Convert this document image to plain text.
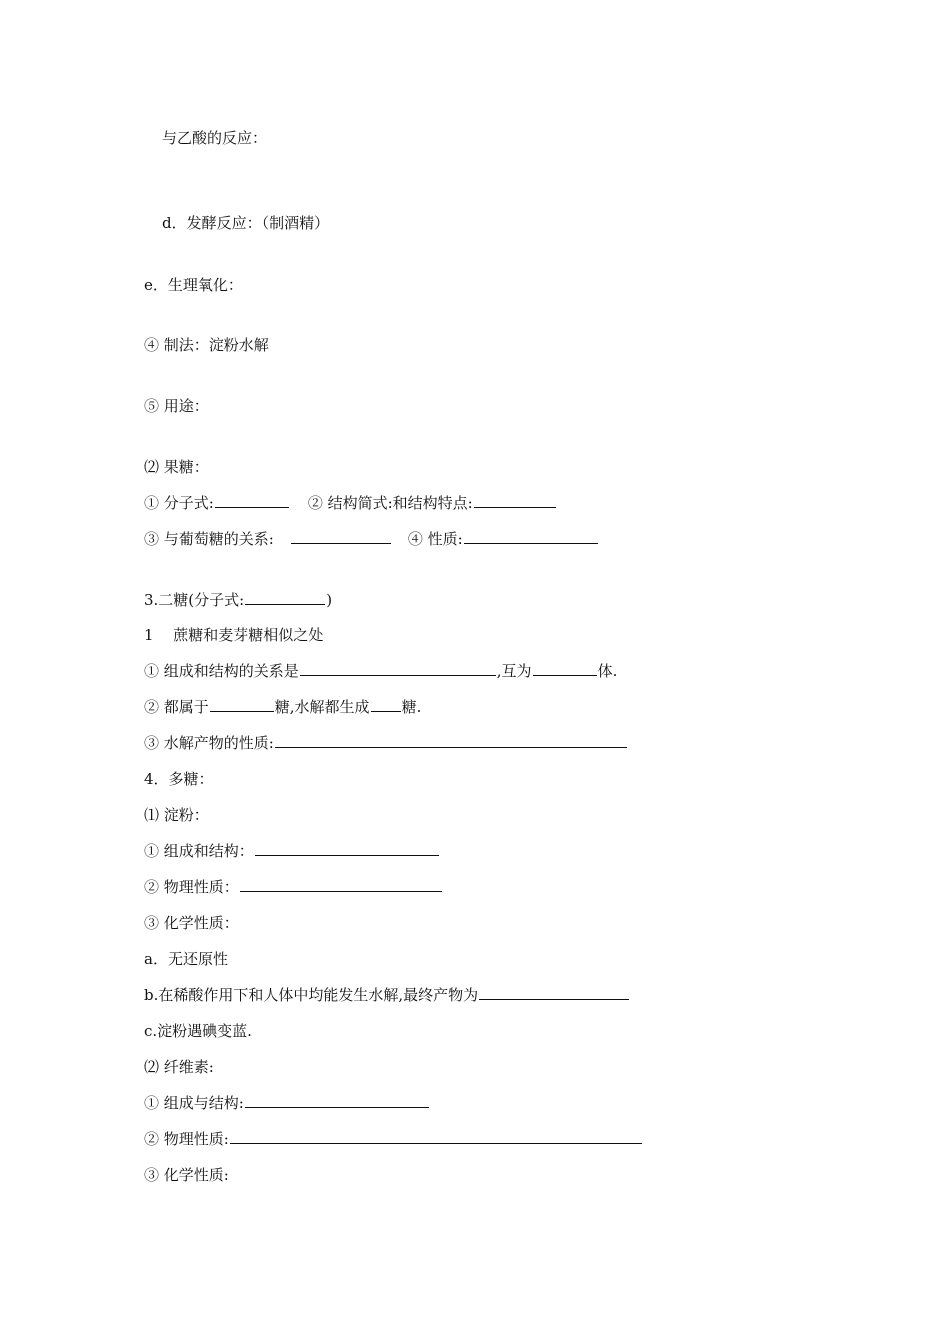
与乙酸的反应：
d．发酵反应：（制酒精）
e．生理氧化：
④ 制法：淀粉水解
⑤ 用途：
⑵ 果糖：
① 分子式:	② 结构简式:和结构特点:
③ 与葡萄糖的关系:	④ 性质:
3.二糖(分子式:	)
1　 蔗糖和麦芽糖相似之处
① 组成和结构的关系是	,互为	体.
② 都属于	糖,水解都生成 糖.
③ 水解产物的性质:
4．多糖：
⑴ 淀粉：
① 组成和结构：
② 物理性质：
③ 化学性质：
a．无还原性
b.在稀酸作用下和人体中均能发生水解,最终产物为
c.淀粉遇碘变蓝.
⑵ 纤维素:
① 组成与结构:
② 物理性质:
③ 化学性质:
